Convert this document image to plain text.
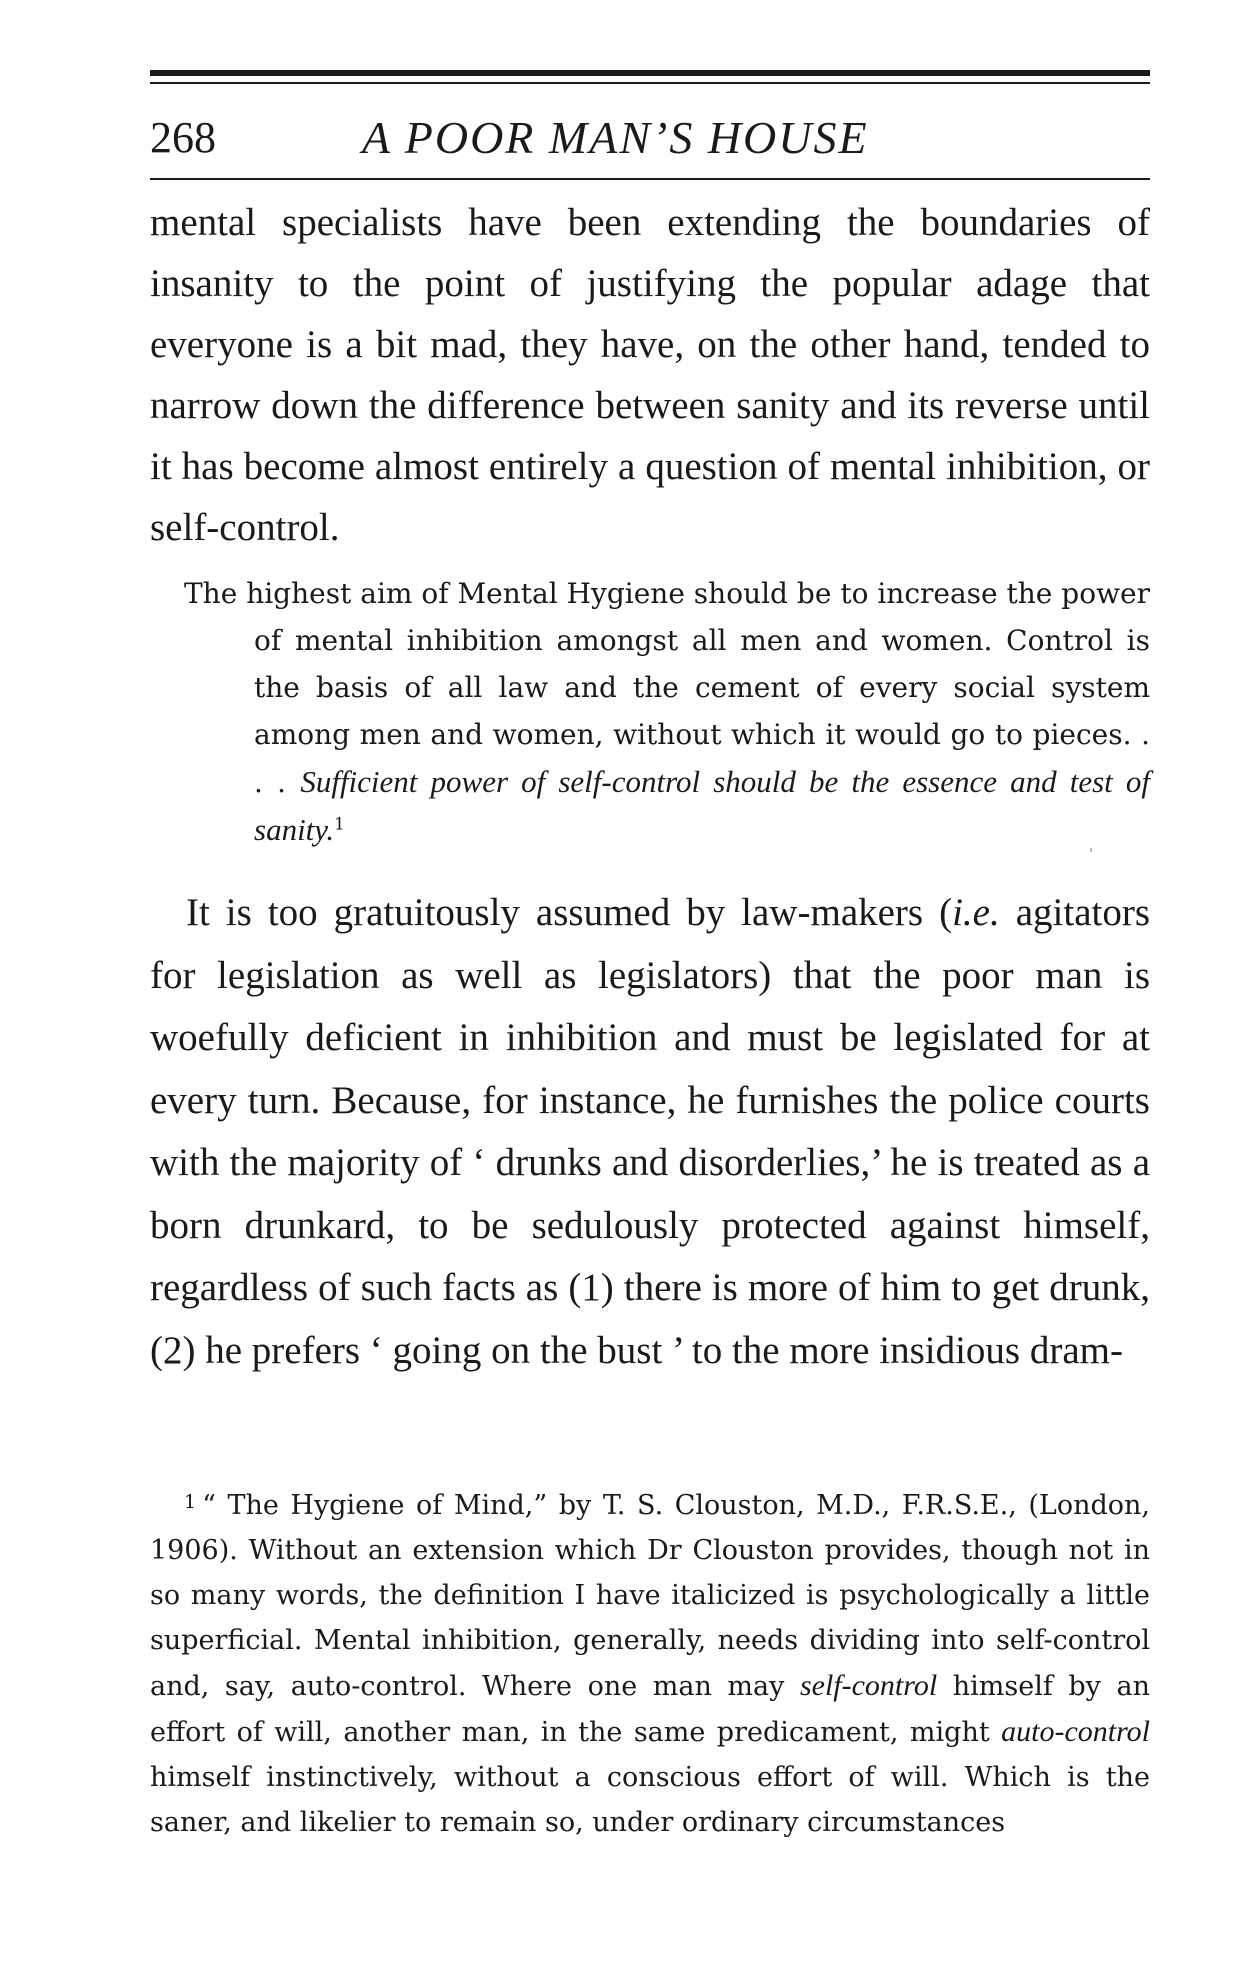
268	A POOR MAN’S HOUSE

mental specialists have been extending the boundaries of insanity to the point of justifying the popular adage that everyone is a bit mad, they have, on the other hand, tended to narrow down the difference between sanity and its reverse until it has become almost entirely a question of mental inhibition, or self-control.

The highest aim of Mental Hygiene should be to increase the power of mental inhibition amongst all men and women. Control is the basis of all law and the cement of every social system among men and women, without which it would go to pieces. . . . Sufficient power of self-control should be the essence and test of sanity.$^1$

It is too gratuitously assumed by law-makers (i.e. agitators for legislation as well as legislators) that the poor man is woefully deficient in inhibition and must be legislated for at every turn. Because, for instance, he furnishes the police courts with the majority of ‘ drunks and disorderlies,’ he is treated as a born drunkard, to be sedulously protected against himself, regardless of such facts as (1) there is more of him to get drunk, (2) he prefers ‘ going on the bust ’ to the more insidious dram-

$^1$ “ The Hygiene of Mind,” by T. S. Clouston, M.D., F.R.S.E., (London, 1906). Without an extension which Dr Clouston provides, though not in so many words, the definition I have italicized is psychologically a little superficial. Mental inhibition, generally, needs dividing into self-control and, say, auto-control. Where one man may self-control himself by an effort of will, another man, in the same predicament, might auto-control himself instinctively, without a conscious effort of will. Which is the saner, and likelier to remain so, under ordinary circumstances
